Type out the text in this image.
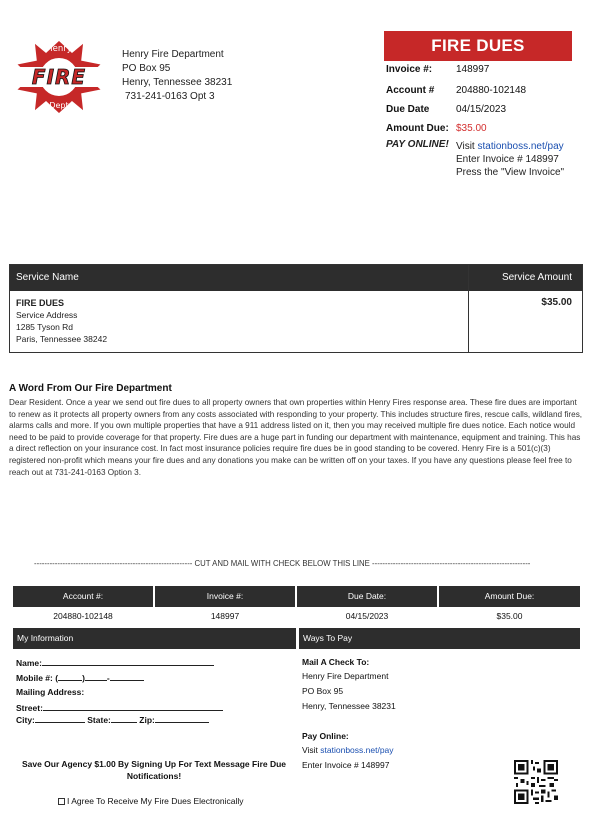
Henry
FIRE
Dept
Henry Fire Department
PO Box 95
Henry, Tennessee 38231
731-241-0163 Opt 3
FIRE DUES
Invoice #: 148997
Account # 204880-102148
Due Date	04/15/2023
Amount Due: $35.00
PAY ONLINE! Visit stationboss.net/pay
Enter Invoice # 148997
Press the "View Invoice"
Service Name	Service Amount
FIRE DUES
Service Address
1285 Tyson Rd
Paris, Tennessee 38242
$35.00
A Word From Our Fire Department
Dear Resident. Once a year we send out fire dues to all property owners that own properties within Henry Fires response area. These fire dues are important to renew as it protects all property owners from any costs associated with responding to your property. This includes structure fires, rescue calls, wildland fires, alarms calls and more. If you own multiple properties that have a 911 address listed on it, then you may received multiple fire dues notice. Each notice would need to be paid to provide coverage for that property. Fire dues are a huge part in funding our department with maintenance, equipment and training. This has a direct reflection on your insurance cost. In fact most insurance policies require fire dues be in good standing to be covered. Henry Fire is a 501(c)(3) registered non-profit which means your fire dues and any donations you make can be written off on your taxes. If you have any questions please feel free to reach out at 731-241-0163 Option 3.
------------------------------------------------------------- CUT AND MAIL WITH CHECK BELOW THIS LINE -------------------------------------------------------------
Account #:	Invoice #:	Due Date:	Amount Due:
204880-102148	148997	04/15/2023	$35.00
My Information	Ways To Pay
Name:
Mobile #: (	)	-
Mailing Address:
Street:
City:	State:	Zip:
Mail A Check To:
Henry Fire Department
PO Box 95
Henry, Tennessee 38231
Pay Online:
Visit stationboss.net/pay
Enter Invoice # 148997
Save Our Agency $1.00 By Signing Up For Text Message Fire Due Notifications!
I Agree To Receive My Fire Dues Electronically
